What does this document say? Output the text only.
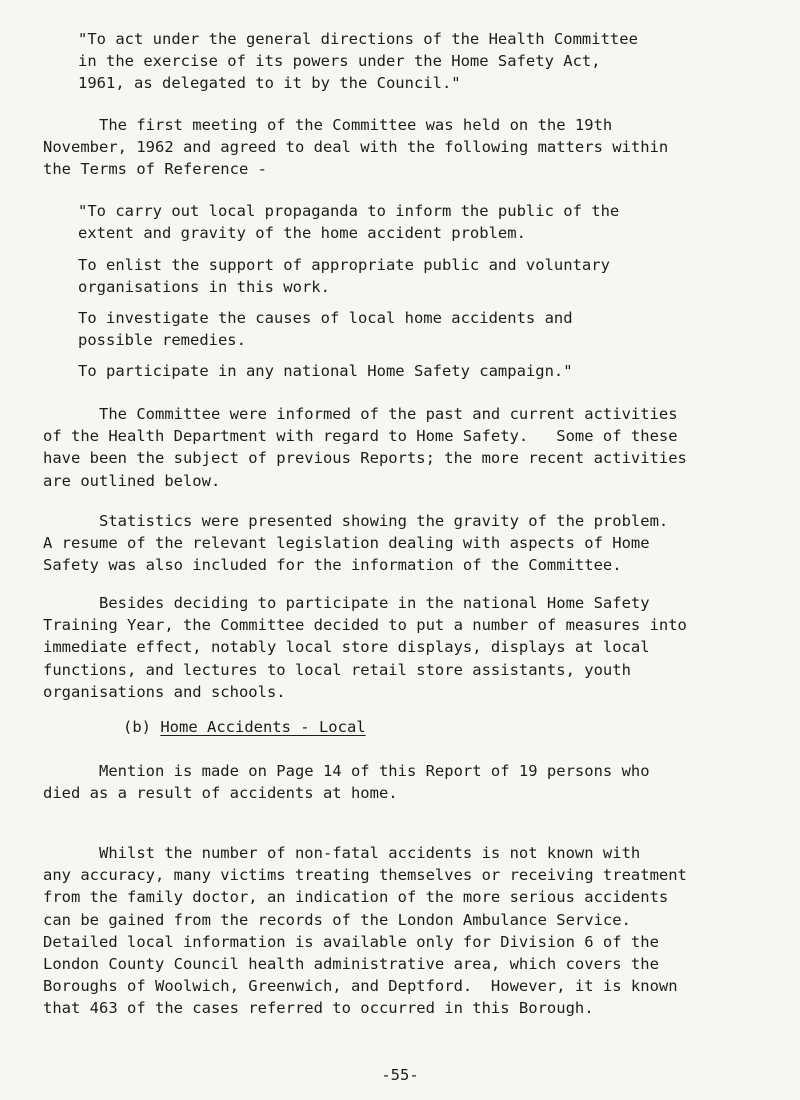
"To act under the general directions of the Health Committee
in the exercise of its powers under the Home Safety Act,
1961, as delegated to it by the Council."

The first meeting of the Committee was held on the 19th
November, 1962 and agreed to deal with the following matters within
the Terms of Reference -

"To carry out local propaganda to inform the public of the
extent and gravity of the home accident problem.

To enlist the support of appropriate public and voluntary
organisations in this work.

To investigate the causes of local home accidents and
possible remedies.

To participate in any national Home Safety campaign."

The Committee were informed of the past and current activities
of the Health Department with regard to Home Safety.   Some of these
have been the subject of previous Reports; the more recent activities
are outlined below.

Statistics were presented showing the gravity of the problem.
A resume of the relevant legislation dealing with aspects of Home
Safety was also included for the information of the Committee.

Besides deciding to participate in the national Home Safety
Training Year, the Committee decided to put a number of measures into
immediate effect, notably local store displays, displays at local
functions, and lectures to local retail store assistants, youth
organisations and schools.

(b) Home Accidents - Local

Mention is made on Page 14 of this Report of 19 persons who
died as a result of accidents at home.

Whilst the number of non-fatal accidents is not known with
any accuracy, many victims treating themselves or receiving treatment
from the family doctor, an indication of the more serious accidents
can be gained from the records of the London Ambulance Service.
Detailed local information is available only for Division 6 of the
London County Council health administrative area, which covers the
Boroughs of Woolwich, Greenwich, and Deptford.  However, it is known
that 463 of the cases referred to occurred in this Borough.

-55-
